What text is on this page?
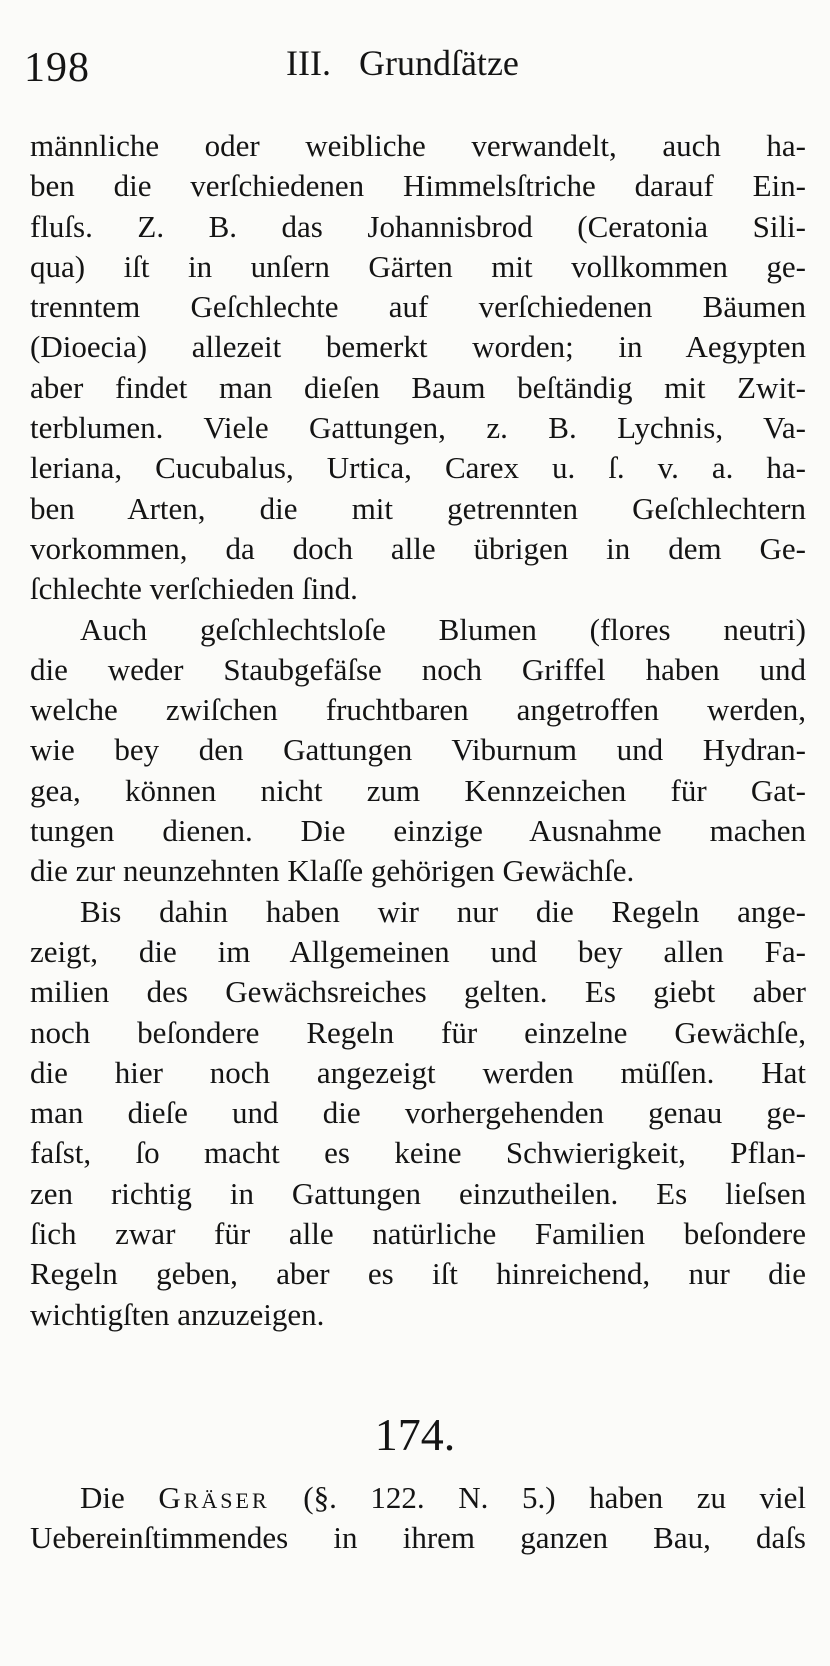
198	III. Grundſätze
männliche oder weibliche verwandelt, auch ha-
ben die verſchiedenen Himmelsſtriche darauf Ein-
fluſs. Z. B. das Johannisbrod (Ceratonia Sili-
qua) iſt in unſern Gärten mit vollkommen ge-
trenntem Geſchlechte auf verſchiedenen Bäumen
(Dioecia) allezeit bemerkt worden; in Aegypten
aber findet man dieſen Baum beſtändig mit Zwit-
terblumen. Viele Gattungen, z. B. Lychnis, Va-
leriana, Cucubalus, Urtica, Carex u. ſ. v. a. ha-
ben Arten, die mit getrennten Geſchlechtern
vorkommen, da doch alle übrigen in dem Ge-
ſchlechte verſchieden ſind.
Auch geſchlechtsloſe Blumen (flores neutri)
die weder Staubgefäſse noch Griffel haben und
welche zwiſchen fruchtbaren angetroffen werden,
wie bey den Gattungen Viburnum und Hydran-
gea, können nicht zum Kennzeichen für Gat-
tungen dienen. Die einzige Ausnahme machen
die zur neunzehnten Klaſſe gehörigen Gewächſe.
Bis dahin haben wir nur die Regeln ange-
zeigt, die im Allgemeinen und bey allen Fa-
milien des Gewächsreiches gelten. Es giebt aber
noch beſondere Regeln für einzelne Gewächſe,
die hier noch angezeigt werden müſſen. Hat
man dieſe und die vorhergehenden genau ge-
faſst, ſo macht es keine Schwierigkeit, Pflan-
zen richtig in Gattungen einzutheilen. Es lieſsen
ſich zwar für alle natürliche Familien beſondere
Regeln geben, aber es iſt hinreichend, nur die
wichtigſten anzuzeigen.
174.
Die Gräser (§. 122. N. 5.) haben zu viel
Uebereinſtimmendes in ihrem ganzen Bau, daſs
